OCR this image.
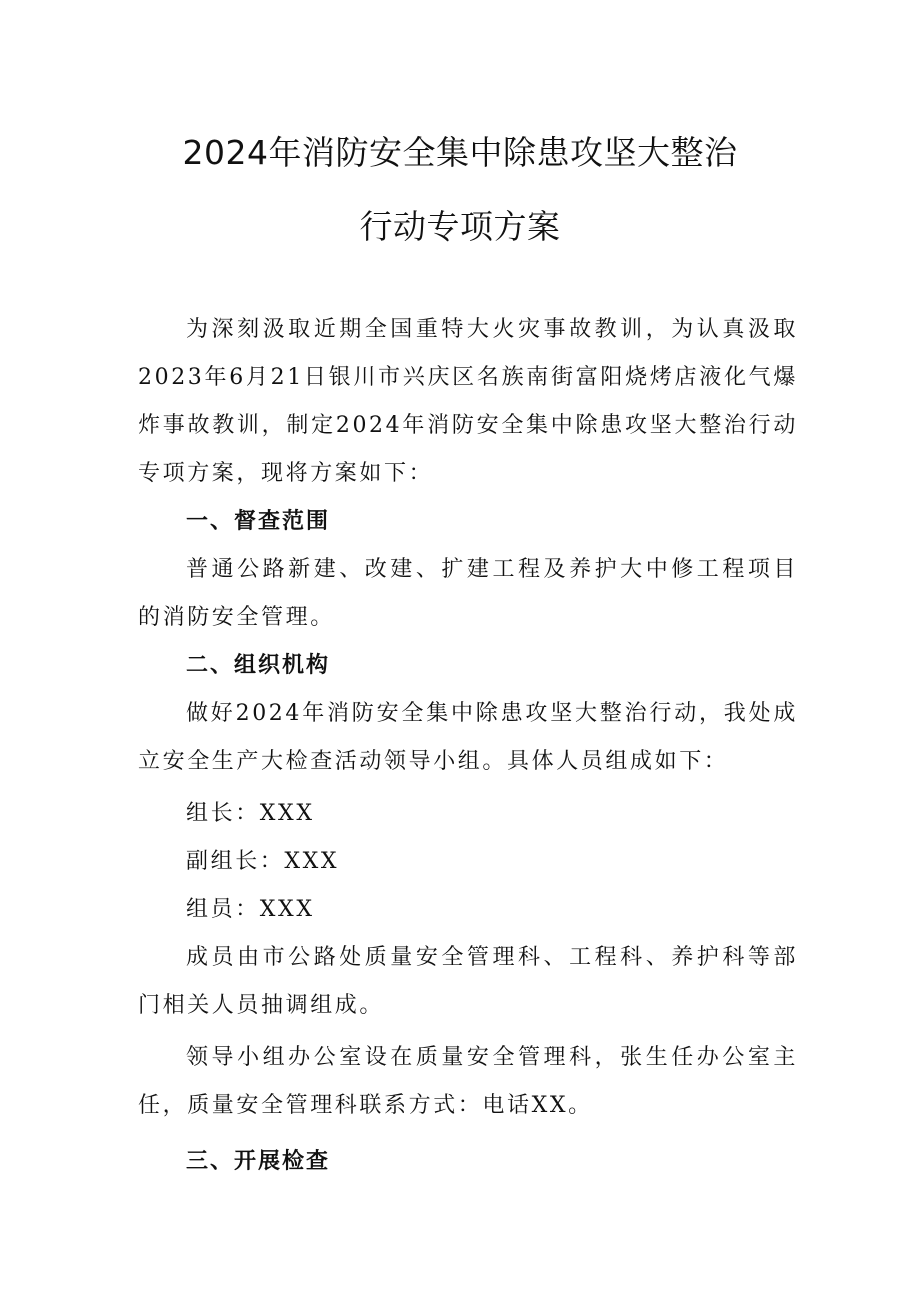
2024年消防安全集中除患攻坚大整治
行动专项方案

为深刻汲取近期全国重特大火灾事故教训，为认真汲取2023年6月21日银川市兴庆区名族南街富阳烧烤店液化气爆炸事故教训，制定2024年消防安全集中除患攻坚大整治行动专项方案，现将方案如下：

一、督查范围

普通公路新建、改建、扩建工程及养护大中修工程项目的消防安全管理。

二、组织机构

做好2024年消防安全集中除患攻坚大整治行动，我处成立安全生产大检查活动领导小组。具体人员组成如下：

组长：XXX
副组长：XXX
组员：XXX

成员由市公路处质量安全管理科、工程科、养护科等部门相关人员抽调组成。

领导小组办公室设在质量安全管理科，张生任办公室主任，质量安全管理科联系方式：电话XX。

三、开展检查
